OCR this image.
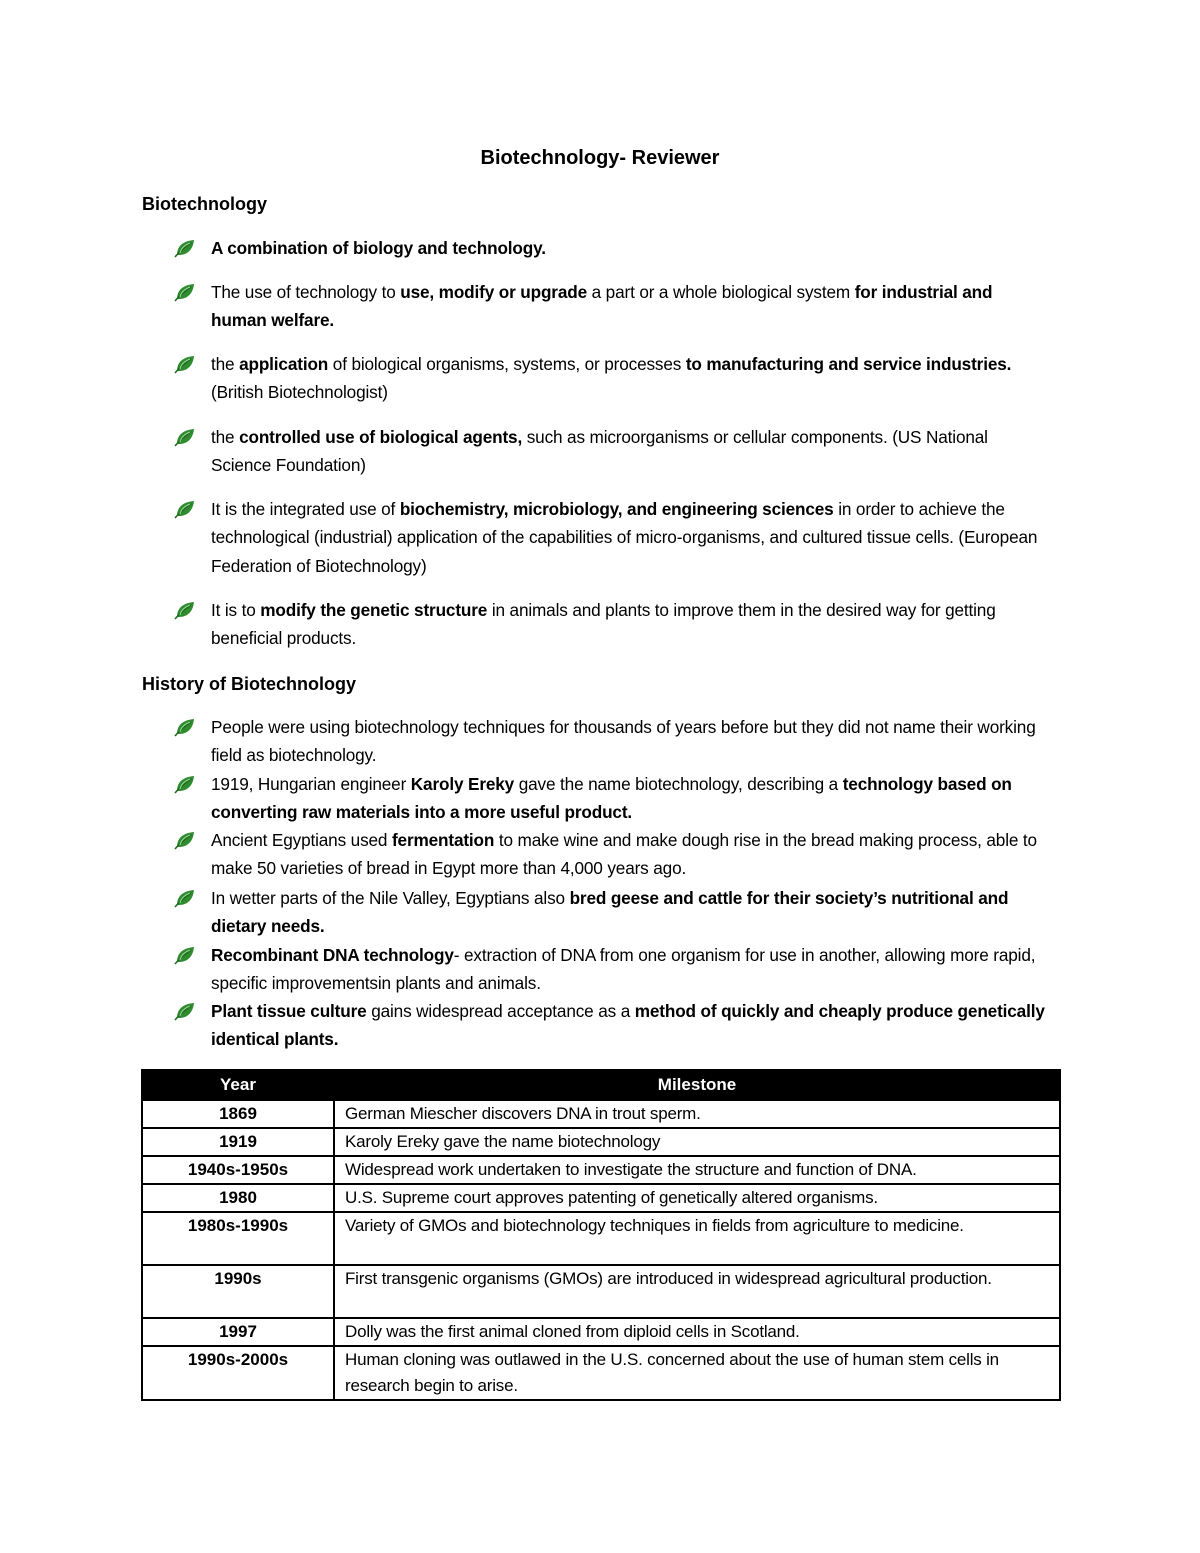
Biotechnology- Reviewer
Biotechnology
A combination of biology and technology.
The use of technology to use, modify or upgrade a part or a whole biological system for industrial and human welfare.
the application of biological organisms, systems, or processes to manufacturing and service industries. (British Biotechnologist)
the controlled use of biological agents, such as microorganisms or cellular components. (US National Science Foundation)
It is the integrated use of biochemistry, microbiology, and engineering sciences in order to achieve the technological (industrial) application of the capabilities of micro-organisms, and cultured tissue cells. (European Federation of Biotechnology)
It is to modify the genetic structure in animals and plants to improve them in the desired way for getting beneficial products.
History of Biotechnology
People were using biotechnology techniques for thousands of years before but they did not name their working field as biotechnology.
1919, Hungarian engineer Karoly Ereky gave the name biotechnology, describing a technology based on converting raw materials into a more useful product.
Ancient Egyptians used fermentation to make wine and make dough rise in the bread making process, able to make 50 varieties of bread in Egypt more than 4,000 years ago.
In wetter parts of the Nile Valley, Egyptians also bred geese and cattle for their society’s nutritional and dietary needs.
Recombinant DNA technology- extraction of DNA from one organism for use in another, allowing more rapid, specific improvementsin plants and animals.
Plant tissue culture gains widespread acceptance as a method of quickly and cheaply produce genetically identical plants.
Year	Milestone
1869	German Miescher discovers DNA in trout sperm.
1919	Karoly Ereky gave the name biotechnology
1940s-1950s	Widespread work undertaken to investigate the structure and function of DNA.
1980	U.S. Supreme court approves patenting of genetically altered organisms.
1980s-1990s	Variety of GMOs and biotechnology techniques in fields from agriculture to medicine.
1990s	First transgenic organisms (GMOs) are introduced in widespread agricultural production.
1997	Dolly was the first animal cloned from diploid cells in Scotland.
1990s-2000s	Human cloning was outlawed in the U.S. concerned about the use of human stem cells in research begin to arise.
